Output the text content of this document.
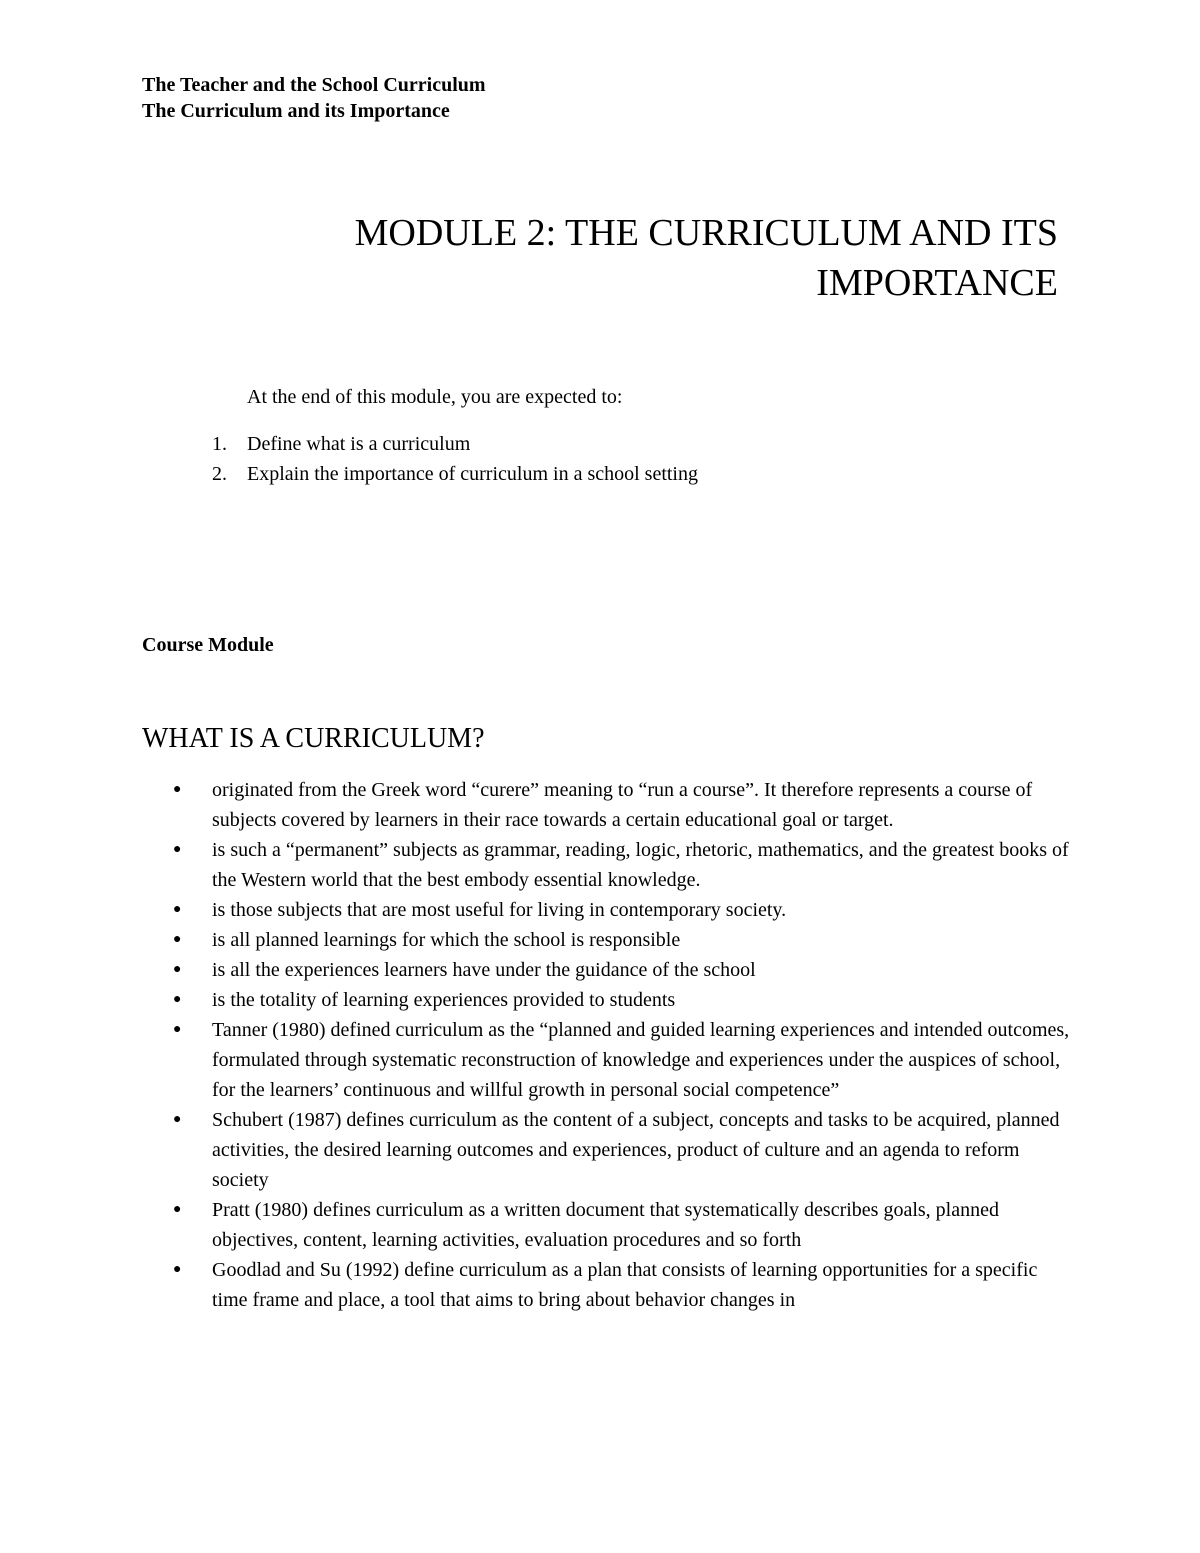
The Teacher and the School Curriculum
The Curriculum and its Importance
MODULE 2: THE CURRICULUM AND ITS
IMPORTANCE
At the end of this module, you are expected to:
1.	Define what is a curriculum
2.	Explain the importance of curriculum in a school setting
Course Module
WHAT IS A CURRICULUM?
●	originated from the Greek word “curere” meaning to “run a course”. It therefore represents a course of subjects covered by learners in their race towards a certain educational goal or target.
●	is such a “permanent” subjects as grammar, reading, logic, rhetoric, mathematics, and the greatest books of the Western world that the best embody essential knowledge.
●	is those subjects that are most useful for living in contemporary society.
●	is all planned learnings for which the school is responsible
●	is all the experiences learners have under the guidance of the school
●	is the totality of learning experiences provided to students
●	Tanner (1980) defined curriculum as the “planned and guided learning experiences and intended outcomes, formulated through systematic reconstruction of knowledge and experiences under the auspices of school, for the learners’ continuous and willful growth in personal social competence”
●	Schubert (1987) defines curriculum as the content of a subject, concepts and tasks to be acquired, planned activities, the desired learning outcomes and experiences, product of culture and an agenda to reform society
●	Pratt (1980) defines curriculum as a written document that systematically describes goals, planned objectives, content, learning activities, evaluation procedures and so forth
●	Goodlad and Su (1992) define curriculum as a plan that consists of learning opportunities for a specific time frame and place, a tool that aims to bring about behavior changes in
